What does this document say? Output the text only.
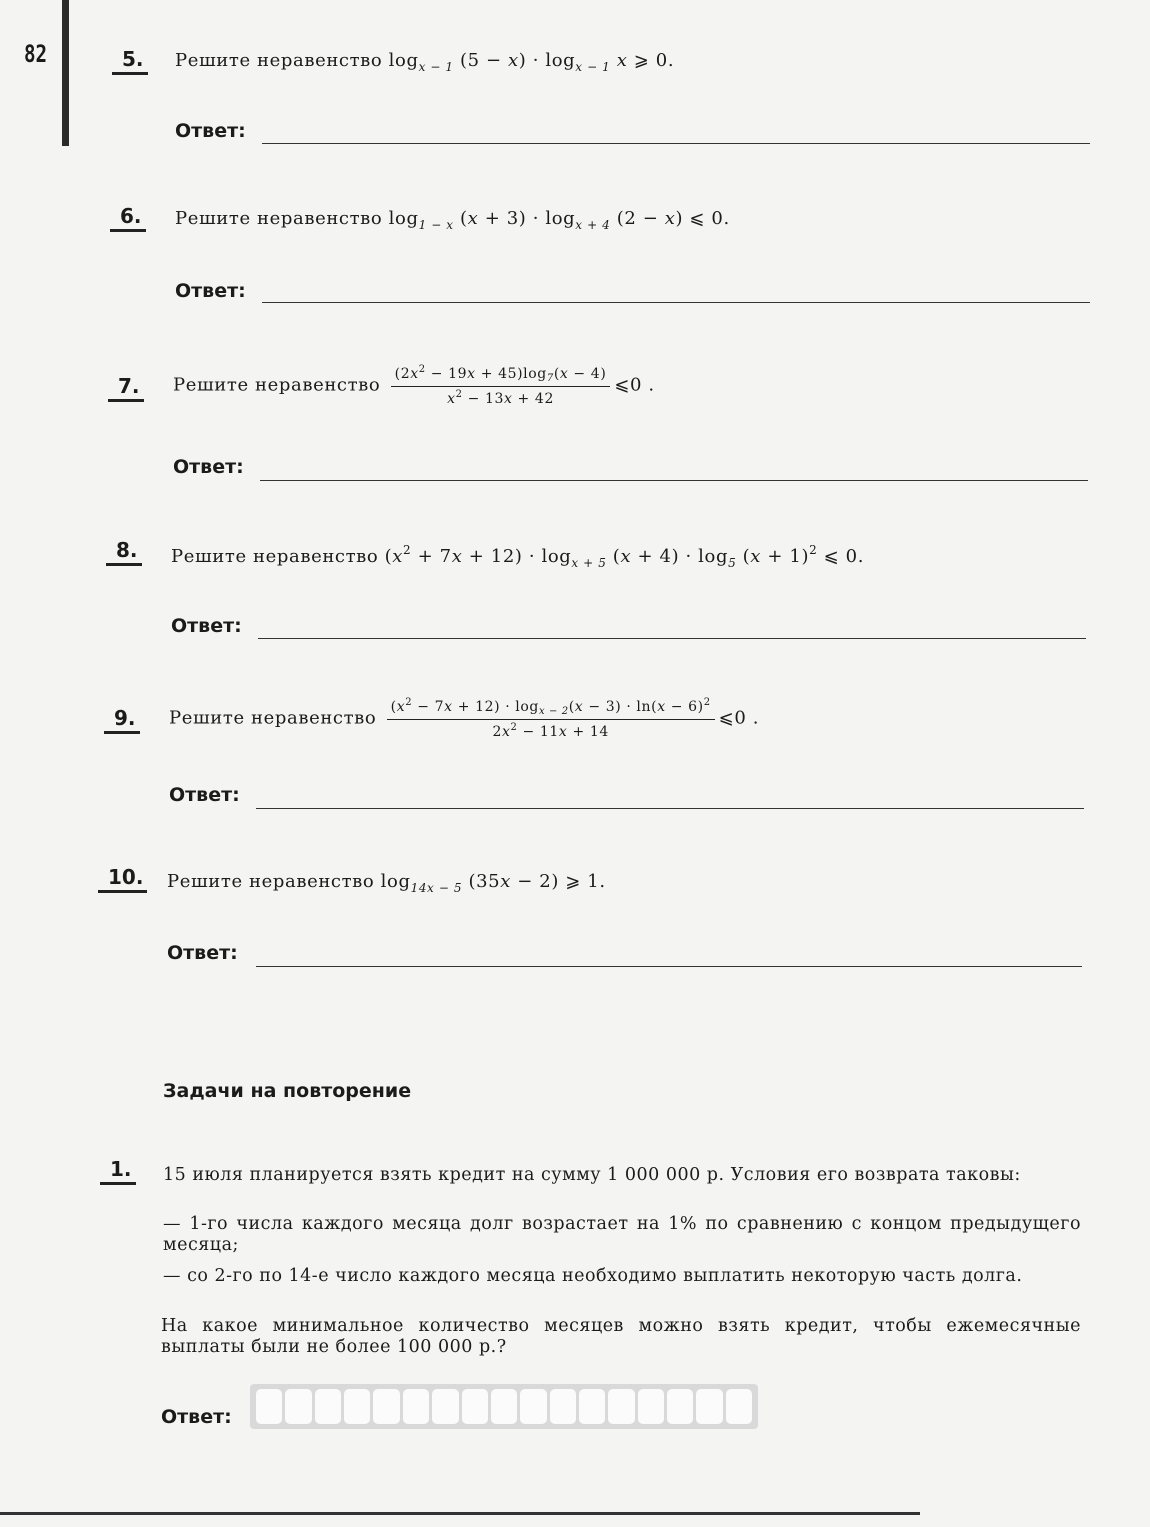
82	5. Решите неравенство $\log_{x - 1} (5 - x) \cdot \log_{x - 1} x$ ⩾ 0.
Ответ:
6. Решите неравенство $\log_{1 - x} (x + 3) \cdot \log_{x + 4} (2 - x)$ ⩽ 0.
Ответ:
7. Решите неравенство $\frac{(2x^2 - 19x + 45)\log_7(x - 4)}{x^2 - 13x + 42}$ ⩽0 .
Ответ:
8. Решите неравенство $(x^2 + 7x + 12) \cdot \log_{x + 5} (x + 4) \cdot \log_5 (x + 1)^2$ ⩽ 0.
Ответ:
9. Решите неравенство $\frac{(x^2 - 7x + 12) \cdot \log_{x - 2}(x - 3) \cdot \ln(x - 6)^2}{2x^2 - 11x + 14}$ ⩽0 .
Ответ:
10. Решите неравенство $\log_{14x - 5} (35x - 2)$ ⩾ 1.
Ответ:
Задачи на повторение
1. 15 июля планируется взять кредит на сумму 1 000 000 р. Условия его возврата таковы:
— 1-го числа каждого месяца долг возрастает на 1% по сравнению с концом предыдущего месяца;
— со 2-го по 14-е число каждого месяца необходимо выплатить некоторую часть долга.
На какое минимальное количество месяцев можно взять кредит, чтобы ежемесячные выплаты были не более 100 000 р.?
Ответ:
